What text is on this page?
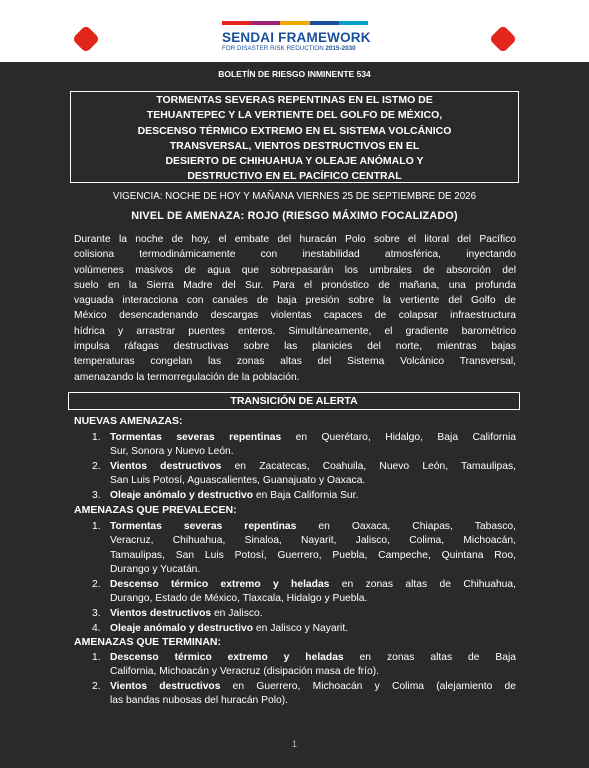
SENDAI FRAMEWORK
FOR DISASTER RISK REDUCTION 2015-2030
BOLETÍN DE RIESGO INMINENTE 534
TORMENTAS SEVERAS REPENTINAS EN EL ISTMO DE
TEHUANTEPEC Y LA VERTIENTE DEL GOLFO DE MÉXICO,
DESCENSO TÉRMICO EXTREMO EN EL SISTEMA VOLCÁNICO
TRANSVERSAL, VIENTOS DESTRUCTIVOS EN EL
DESIERTO DE CHIHUAHUA Y OLEAJE ANÓMALO Y
DESTRUCTIVO EN EL PACÍFICO CENTRAL
VIGENCIA: NOCHE DE HOY Y MAÑANA VIERNES 25 DE SEPTIEMBRE DE 2026
NIVEL DE AMENAZA: ROJO (RIESGO MÁXIMO FOCALIZADO)
Durante la noche de hoy, el embate del huracán Polo sobre el litoral del Pacífico
colisiona termodinámicamente con inestabilidad atmosférica, inyectando
volúmenes masivos de agua que sobrepasarán los umbrales de absorción del
suelo en la Sierra Madre del Sur. Para el pronóstico de mañana, una profunda
vaguada interacciona con canales de baja presión sobre la vertiente del Golfo de
México desencadenando descargas violentas capaces de colapsar infraestructura
hídrica y arrastrar puentes enteros. Simultáneamente, el gradiente barométrico
impulsa ráfagas destructivas sobre las planicies del norte, mientras bajas
temperaturas congelan las zonas altas del Sistema Volcánico Transversal,
amenazando la termorregulación de la población.
TRANSICIÓN DE ALERTA
NUEVAS AMENAZAS:
1. Tormentas severas repentinas en Querétaro, Hidalgo, Baja California
Sur, Sonora y Nuevo León.
2. Vientos destructivos en Zacatecas, Coahuila, Nuevo León, Tamaulipas,
San Luis Potosí, Aguascalientes, Guanajuato y Oaxaca.
3. Oleaje anómalo y destructivo en Baja California Sur.
AMENAZAS QUE PREVALECEN:
1. Tormentas severas repentinas en Oaxaca, Chiapas, Tabasco,
Veracruz, Chihuahua, Sinaloa, Nayarit, Jalisco, Colima, Michoacán,
Tamaulipas, San Luis Potosí, Guerrero, Puebla, Campeche, Quintana Roo,
Durango y Yucatán.
2. Descenso térmico extremo y heladas en zonas altas de Chihuahua,
Durango, Estado de México, Tlaxcala, Hidalgo y Puebla.
3. Vientos destructivos en Jalisco.
4. Oleaje anómalo y destructivo en Jalisco y Nayarit.
AMENAZAS QUE TERMINAN:
1. Descenso térmico extremo y heladas en zonas altas de Baja
California, Michoacán y Veracruz (disipación masa de frío).
2. Vientos destructivos en Guerrero, Michoacán y Colima (alejamiento de
las bandas nubosas del huracán Polo).
1
